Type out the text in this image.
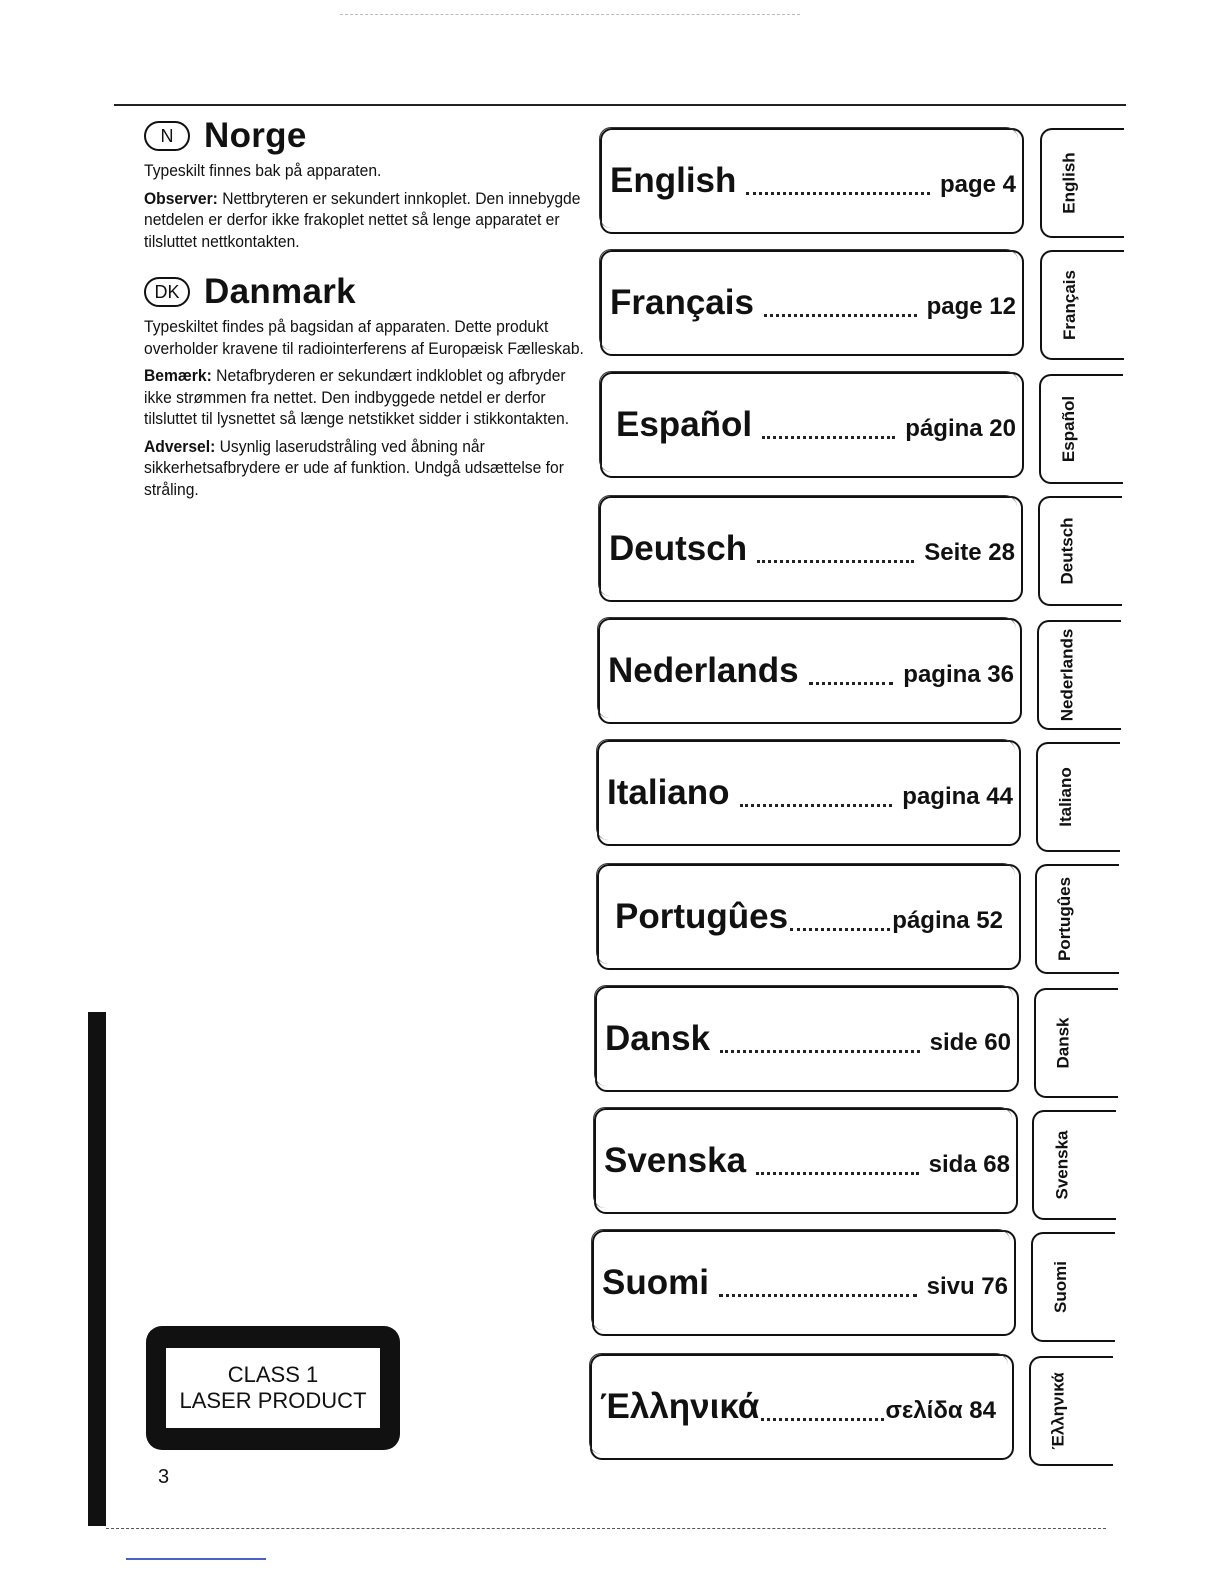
N Norge

Typeskilt finnes bak på apparaten.

Observer: Nettbryteren er sekundert innkoplet. Den innebygde netdelen er derfor ikke frakoplet nettet så lenge apparatet er tilsluttet nettkontakten.

DK Danmark

Typeskiltet findes på bagsidan af apparaten. Dette produkt overholder kravene til radiointerferens af Europæisk Fælleskab.

Bemærk: Netafbryderen er sekundært indkloblet og afbryder ikke strømmen fra nettet. Den indbyggede netdel er derfor tilsluttet til lysnettet så længe netstikket sidder i stikkontakten.

Adversel: Usynlig laserudstråling ved åbning når sikkerhetsafbrydere er ude af funktion. Undgå udsættelse for stråling.

English	page 4
Français	page 12
Español	página 20
Deutsch	Seite 28
Nederlands	pagina 36
Italiano	pagina 44
Portugûes	página 52
Dansk	side 60
Svenska	sida 68
Suomi	sivu 76
Έλληνικά	σελίδα 84
English
Français
Español
Deutsch
Nederlands
Italiano
Portugûes
Dansk
Svenska
Suomi
Έλληνικά
CLASS 1
LASER PRODUCT
3
